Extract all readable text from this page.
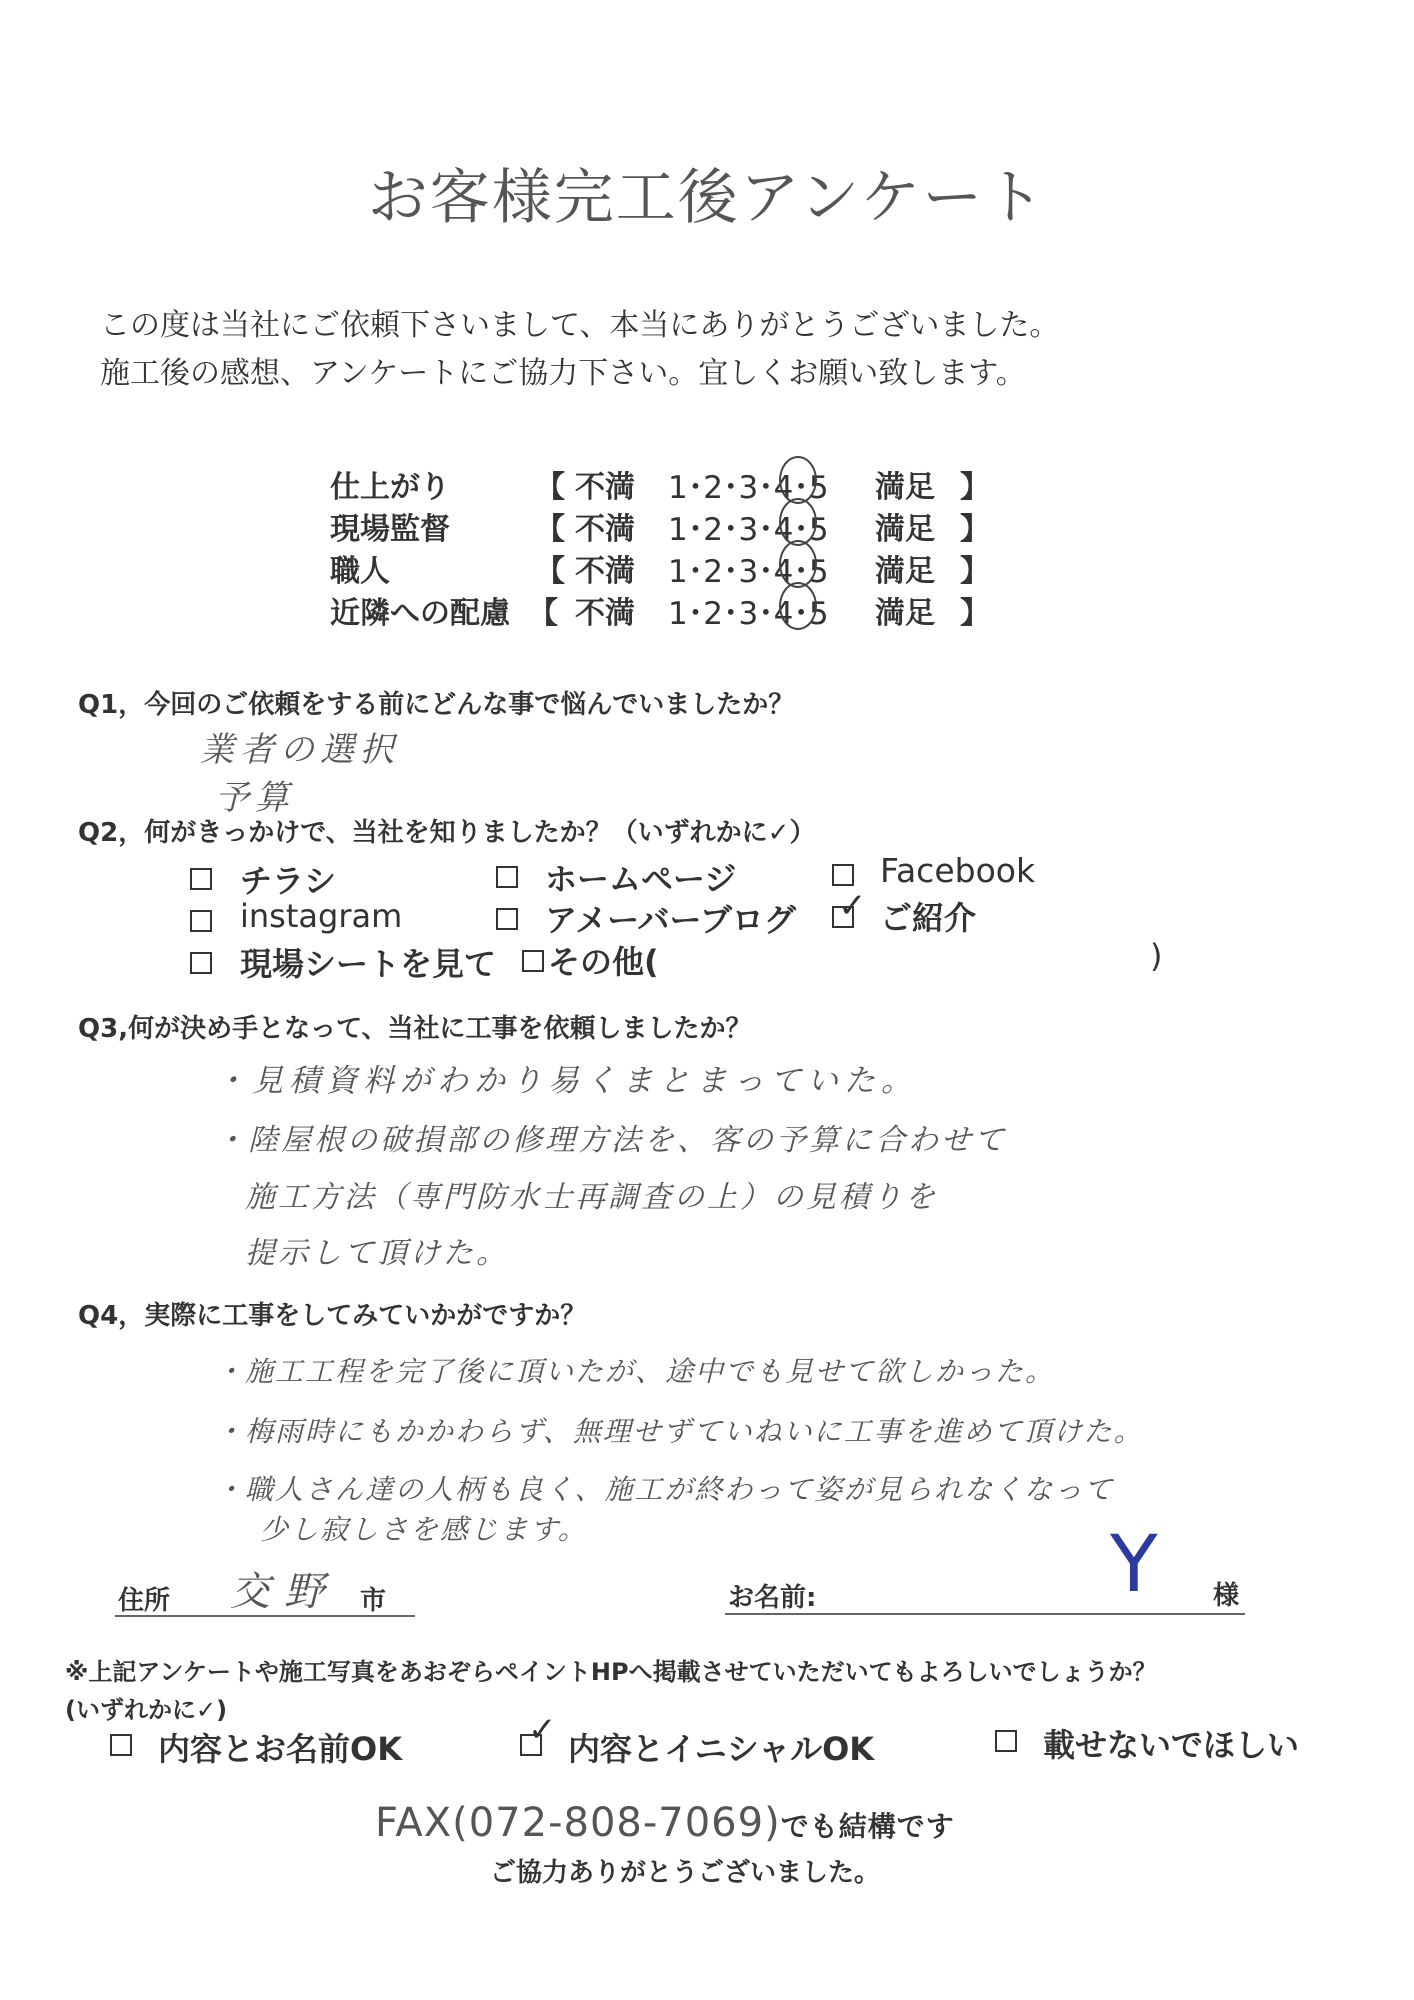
お客様完工後アンケート
この度は当社にご依頼下さいまして、本当にありがとうございました。
施工後の感想、アンケートにご協力下さい。宜しくお願い致します。
仕上がり	【 不満 1･2･3･4･5 満足 】
現場監督	【 不満 1･2･3･4･5 満足 】
職人	【 不満 1･2･3･4･5 満足 】
近隣への配慮 【 不満 1･2･3･4･5 満足 】
Q1，今回のご依頼をする前にどんな事で悩んでいましたか？
業者の選択
予算
Q2，何がきっかけで、当社を知りましたか？（いずれかに✓）
チラシ	ホームページ	Facebook
instagram	アメーバーブログ ✓ ご紹介
現場シートを見て その他(	)
Q3,何が決め手となって、当社に工事を依頼しましたか？
・見積資料がわかり易くまとまっていた。
・陸屋根の破損部の修理方法を、客の予算に合わせて
施工方法（専門防水士再調査の上）の見積りを
提示して頂けた。
Q4，実際に工事をしてみていかがですか？
・施工工程を完了後に頂いたが、途中でも見せて欲しかった。
・梅雨時にもかかわらず、無理せずていねいに工事を進めて頂けた。
・職人さん達の人柄も良く、施工が終わって姿が見られなくなって
少し寂しさを感じます。
住所 交野 市	お名前:	Y 様
※上記アンケートや施工写真をあおぞらペイントHPへ掲載させていただいてもよろしいでしょうか？
(いずれかに✓)
内容とお名前OK	✓ 内容とイニシャルOK	載せないでほしい
FAX(072-808-7069)でも結構です
ご協力ありがとうございました。
